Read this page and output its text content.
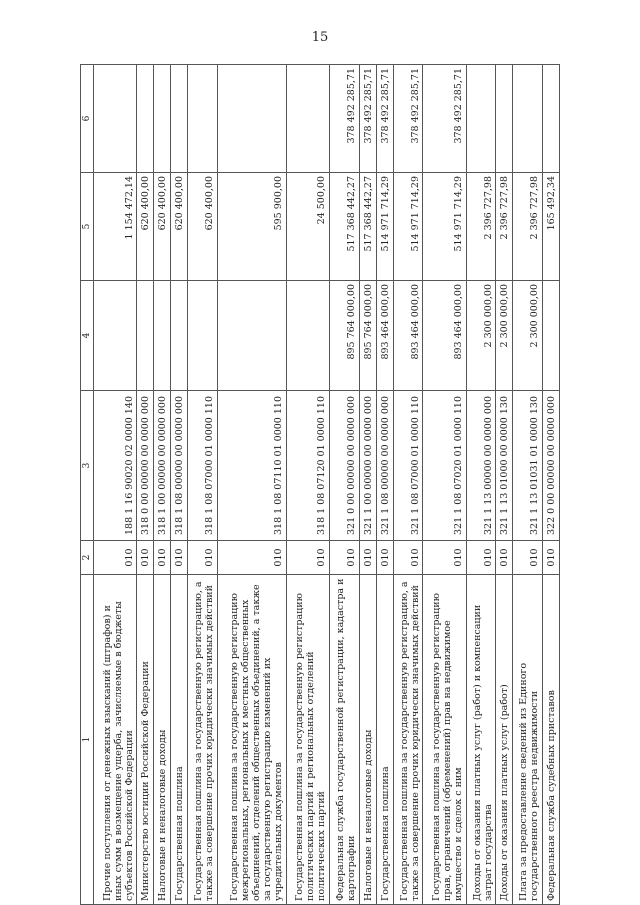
15
1	2	3	4	5	6
Прочие поступления от денежных взысканий (штрафов) и иных сумм в возмещение ущерба, зачисляемые в бюджеты субъектов Российской Федерации	010	188 1 16 90020 02 0000 140		1 154 472,14	
Министерство юстиции Российской Федерации	010	318 0 00 00000 00 0000 000		620 400,00	
Налоговые и неналоговые доходы	010	318 1 00 00000 00 0000 000		620 400,00	
Государственная пошлина	010	318 1 08 00000 00 0000 000		620 400,00	
Государственная пошлина за государственную регистрацию, а также за совершение прочих юридически значимых действий	010	318 1 08 07000 01 0000 110		620 400,00	
Государственная пошлина за государственную регистрацию межрегиональных, региональных и местных общественных объединений, отделений общественных объединений, а также за государственную регистрацию изменений их учредительных документов	010	318 1 08 07110 01 0000 110		595 900,00	
Государственная пошлина за государственную регистрацию политических партий и региональных отделений политических партий	010	318 1 08 07120 01 0000 110		24 500,00	
Федеральная служба государственной регистрации, кадастра и картографии	010	321 0 00 00000 00 0000 000	895 764 000,00	517 368 442,27	378 492 285,71
Налоговые и неналоговые доходы	010	321 1 00 00000 00 0000 000	895 764 000,00	517 368 442,27	378 492 285,71
Государственная пошлина	010	321 1 08 00000 00 0000 000	893 464 000,00	514 971 714,29	378 492 285,71
Государственная пошлина за государственную регистрацию, а также за совершение прочих юридически значимых действий	010	321 1 08 07000 01 0000 110	893 464 000,00	514 971 714,29	378 492 285,71
Государственная пошлина за государственную регистрацию прав, ограничений (обременений) прав на недвижимое имущество и сделок с ним	010	321 1 08 07020 01 0000 110	893 464 000,00	514 971 714,29	378 492 285,71
Доходы от оказания платных услуг (работ) и компенсации затрат государства	010	321 1 13 00000 00 0000 000	2 300 000,00	2 396 727,98	
Доходы от оказания платных услуг (работ)	010	321 1 13 01000 00 0000 130	2 300 000,00	2 396 727,98	
Плата за предоставление сведений из Единого государственного реестра недвижимости	010	321 1 13 01031 01 0000 130	2 300 000,00	2 396 727,98	
Федеральная служба судебных приставов	010	322 0 00 00000 00 0000 000		165 492,34	
